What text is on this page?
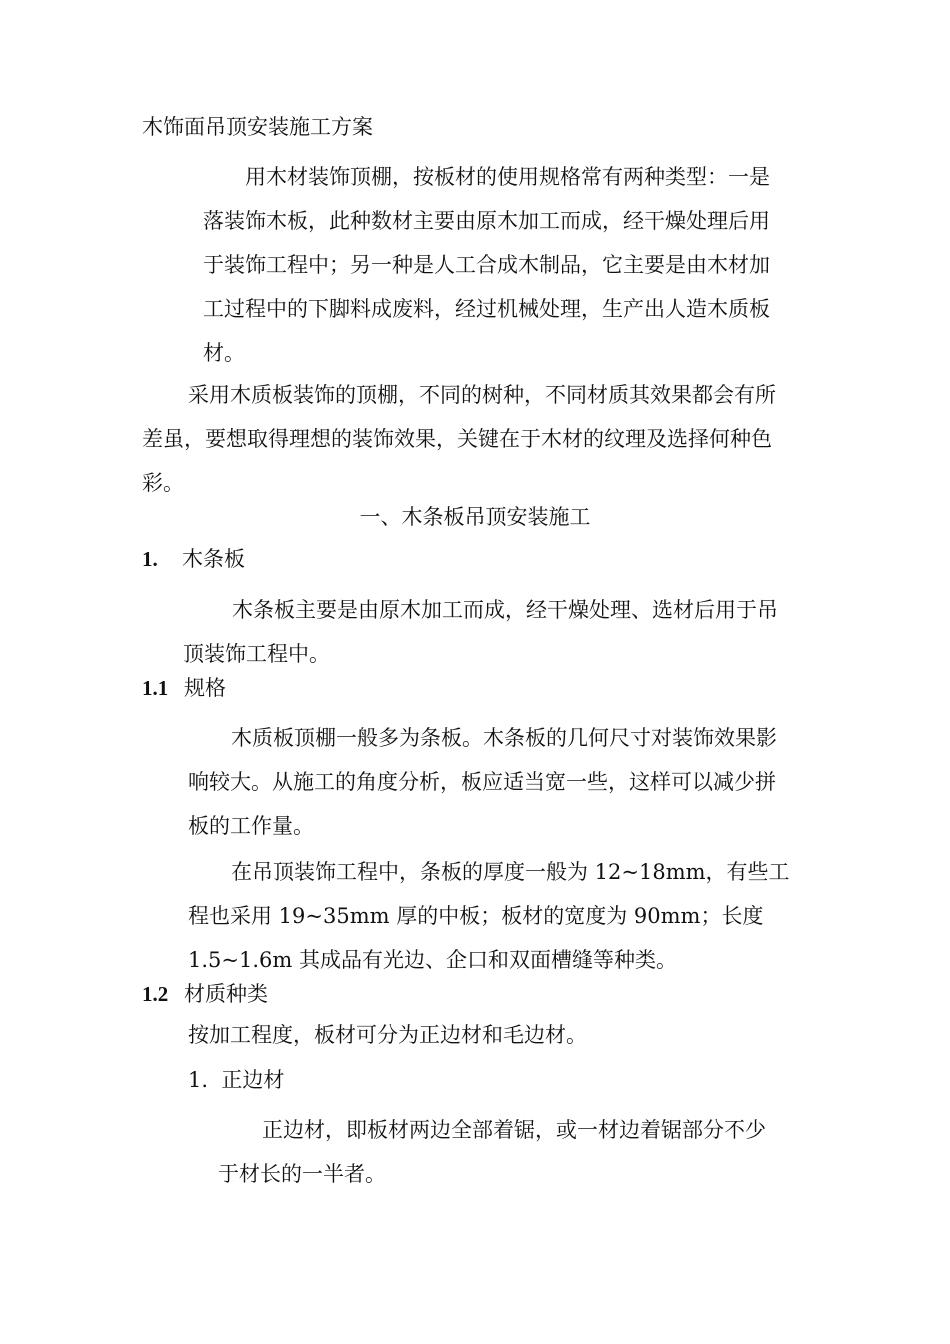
木饰面吊顶安装施工方案
用木材装饰顶棚，按板材的使用规格常有两种类型：一是
落装饰木板，此种数材主要由原木加工而成，经干燥处理后用
于装饰工程中；另一种是人工合成木制品，它主要是由木材加
工过程中的下脚料成废料，经过机械处理，生产出人造木质板
材。
采用木质板装饰的顶棚，不同的树种，不同材质其效果都会有所
差虽，要想取得理想的装饰效果，关键在于木材的纹理及选择何种色
彩。
一、木条板吊顶安装施工
1. 木条板
木条板主要是由原木加工而成，经干燥处理、选材后用于吊
顶装饰工程中。
1.1 规格
木质板顶棚一般多为条板。木条板的几何尺寸对装饰效果影
响较大。从施工的角度分析，板应适当宽一些，这样可以减少拼
板的工作量。
在吊顶装饰工程中，条板的厚度一般为 12~18mm，有些工
程也采用 19~35mm 厚的中板；板材的宽度为 90mm；长度
1.5~1.6m 其成品有光边、企口和双面槽缝等种类。
1.2 材质种类
按加工程度，板材可分为正边材和毛边材。
1. 正边材
正边材，即板材两边全部着锯，或一材边着锯部分不少
于材长的一半者。
